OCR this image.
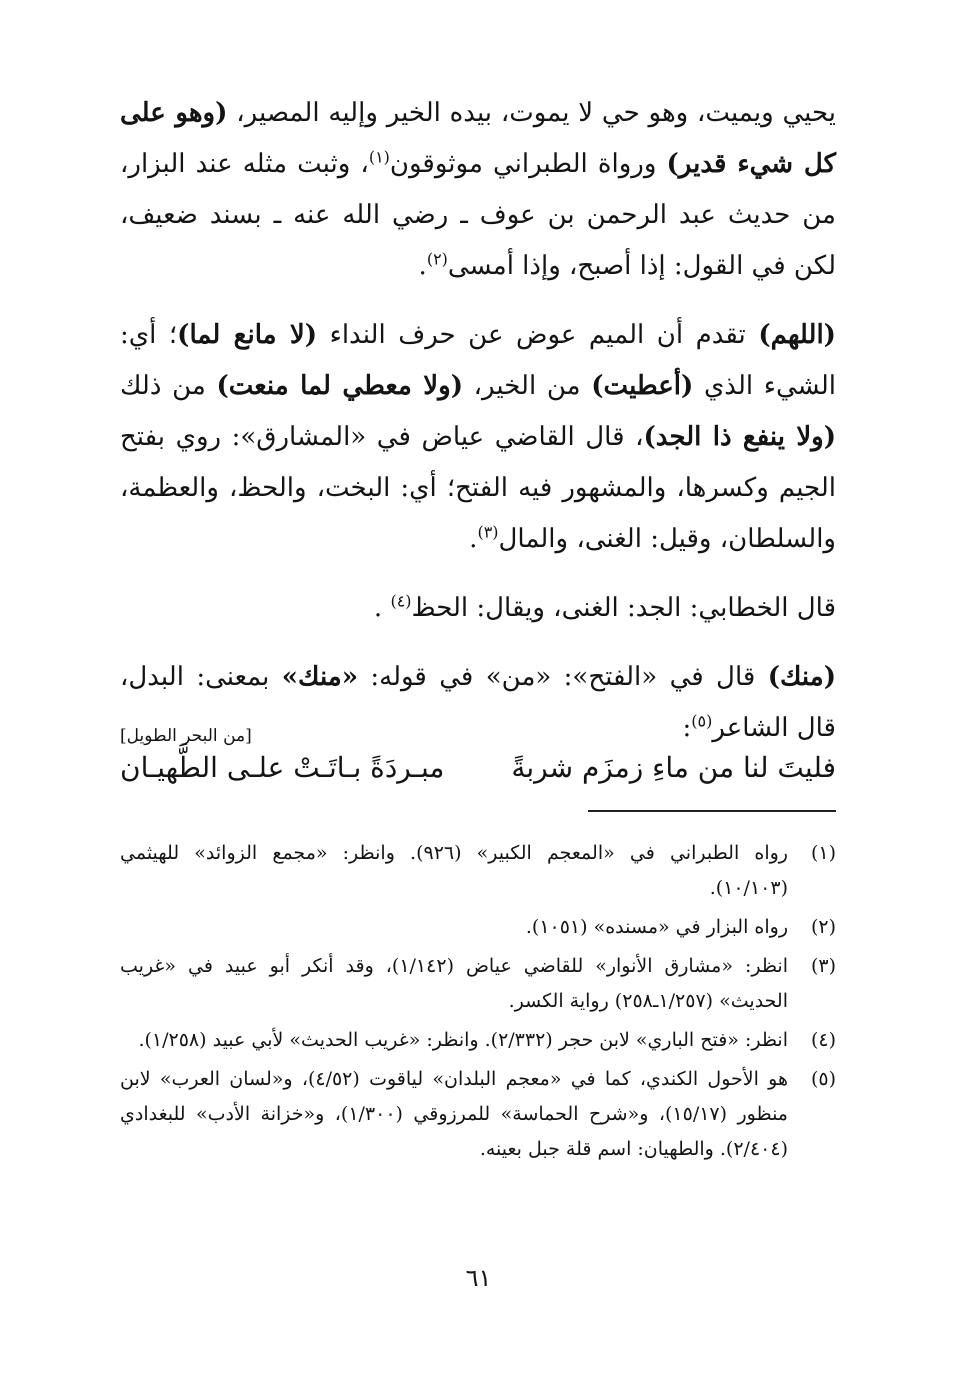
يحيي ويميت، وهو حي لا يموت، بيده الخير وإليه المصير، (وهو على كل شيء قدير) ورواة الطبراني موثوقون$^{(١)}$، وثبت مثله عند البزار، من حديث عبد الرحمن بن عوف ـ رضي الله عنه ـ بسند ضعيف، لكن في القول: إذا أصبح، وإذا أمسى$^{(٢)}$.

(اللهم) تقدم أن الميم عوض عن حرف النداء (لا مانع لما)؛ أي: الشيء الذي (أعطيت) من الخير، (ولا معطي لما منعت) من ذلك (ولا ينفع ذا الجد)، قال القاضي عياض في «المشارق»: روي بفتح الجيم وكسرها، والمشهور فيه الفتح؛ أي: البخت، والحظ، والعظمة، والسلطان، وقيل: الغنى، والمال$^{(٣)}$.

قال الخطابي: الجد: الغنى، ويقال: الحظ$^{(٤)}$ .

(منك) قال في «الفتح»: «من» في قوله: «منك» بمعنى: البدل، قال الشاعر$^{(٥)}$:
[من البحر الطويل]

فليتَ لنا من ماءِ زمزَم شربةً
مبـردَةً بـاتَـتْ علـى الطَّهيـان
(١)
رواه الطبراني في «المعجم الكبير» (٩٢٦). وانظر: «مجمع الزوائد» للهيثمي (١٠/١٠٣).
(٢)
رواه البزار في «مسنده» (١٠٥١).
(٣)
انظر: «مشارق الأنوار» للقاضي عياض (١/١٤٢)، وقد أنكر أبو عبيد في «غريب الحديث» (١/٢٥٧ـ٢٥٨) رواية الكسر.
(٤)
انظر: «فتح الباري» لابن حجر (٢/٣٣٢). وانظر: «غريب الحديث» لأبي عبيد (١/٢٥٨).
(٥)
هو الأحول الكندي، كما في «معجم البلدان» لياقوت (٤/٥٢)، و«لسان العرب» لابن منظور (١٥/١٧)، و«شرح الحماسة» للمرزوقي (١/٣٠٠)، و«خزانة الأدب» للبغدادي (٢/٤٠٤). والطهيان: اسم قلة جبل بعينه.
٦١
